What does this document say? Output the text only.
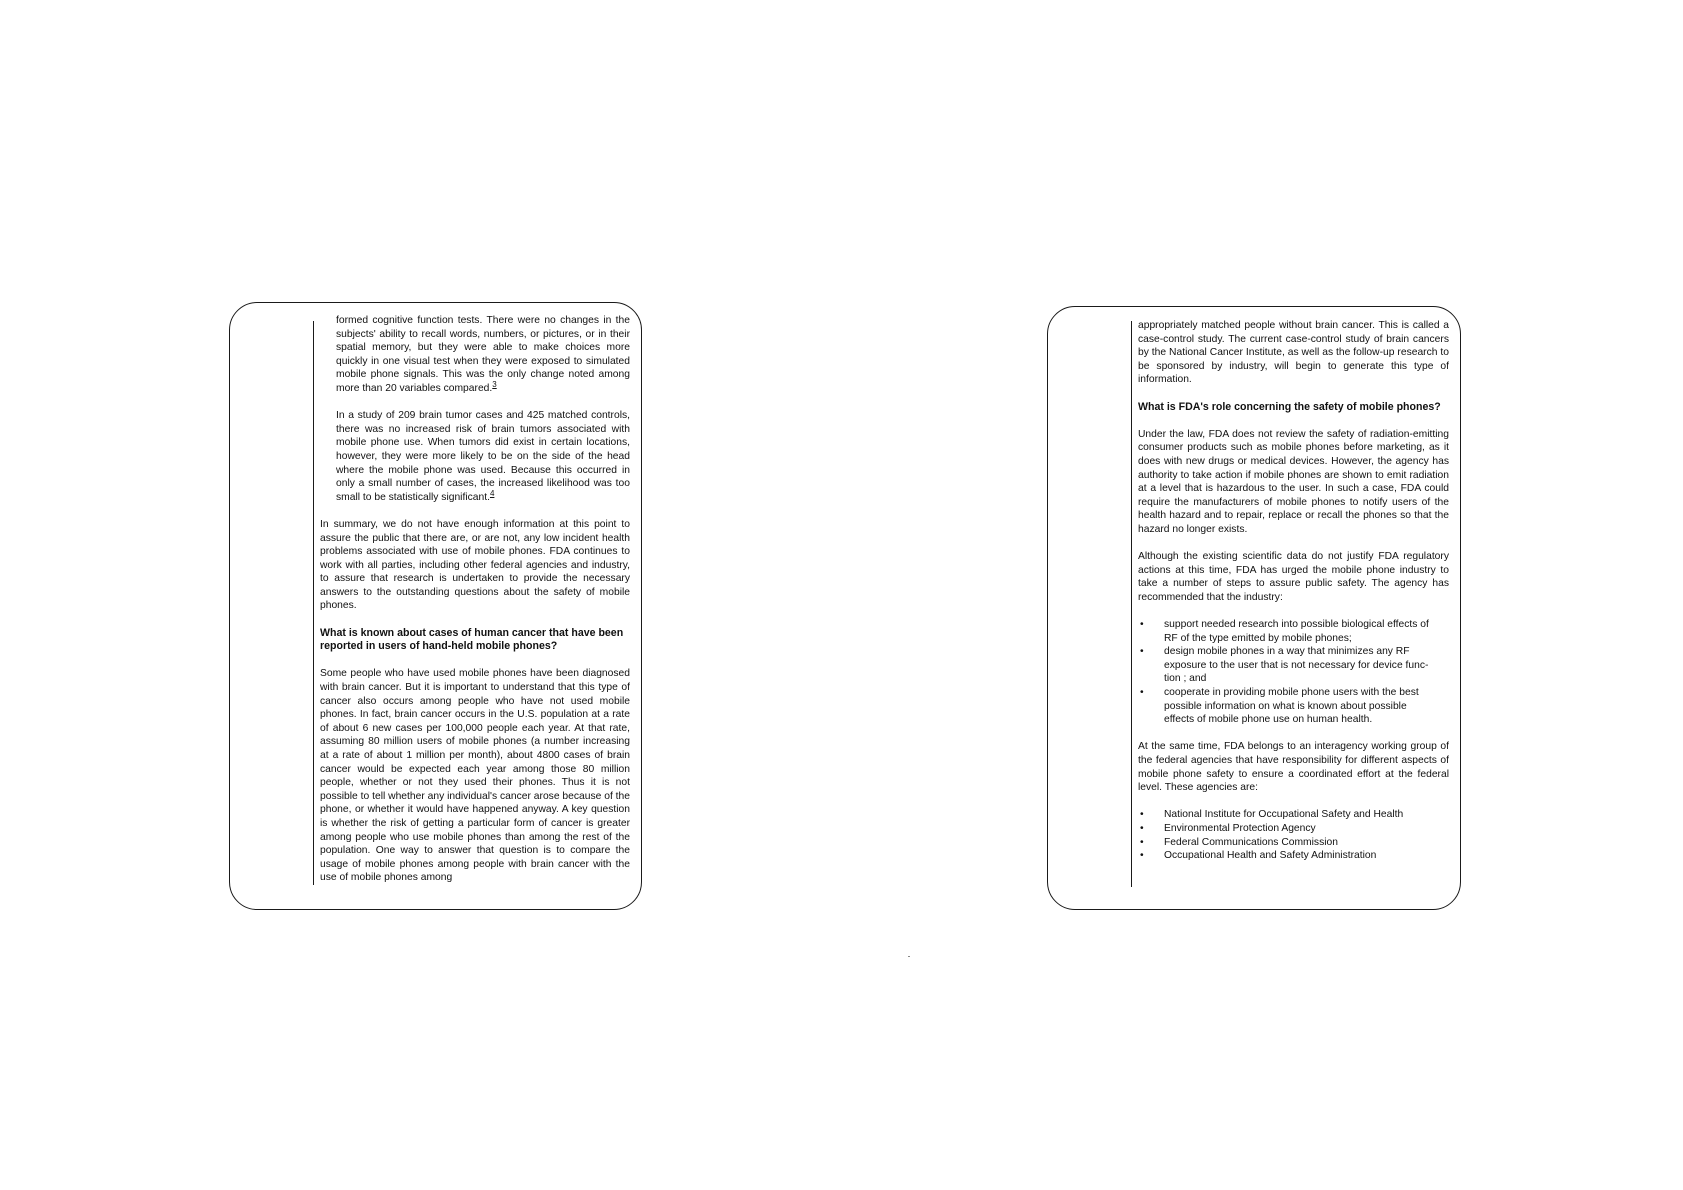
formed cognitive function tests. There were no changes in the subjects' ability to recall words, numbers, or pictures, or in their spatial memory, but they were able to make choices more quickly in one visual test when they were exposed to simulated mobile phone signals. This was the only change noted among more than 20 variables compared.$^3$

In a study of 209 brain tumor cases and 425 matched controls, there was no increased risk of brain tumors associated with mobile phone use. When tumors did exist in certain locations, however, they were more likely to be on the side of the head where the mobile phone was used. Because this occurred in only a small number of cases, the increased likelihood was too small to be statistically significant.$^4$

In summary, we do not have enough information at this point to assure the public that there are, or are not, any low incident health problems associated with use of mobile phones. FDA continues to work with all parties, including other federal agencies and industry, to assure that research is undertaken to provide the necessary answers to the outstanding questions about the safety of mobile phones.

What is known about cases of human cancer that have been reported in users of hand-held mobile phones?

Some people who have used mobile phones have been diagnosed with brain cancer. But it is important to understand that this type of cancer also occurs among people who have not used mobile phones. In fact, brain cancer occurs in the U.S. population at a rate of about 6 new cases per 100,000 people each year. At that rate, assuming 80 million users of mobile phones (a number increasing at a rate of about 1 million per month), about 4800 cases of brain cancer would be expected each year among those 80 million people, whether or not they used their phones. Thus it is not possible to tell whether any individual's cancer arose because of the phone, or whether it would have happened anyway. A key question is whether the risk of getting a particular form of cancer is greater among people who use mobile phones than among the rest of the population. One way to answer that question is to compare the usage of mobile phones among people with brain cancer with the use of mobile phones among

appropriately matched people without brain cancer. This is called a case-control study. The current case-control study of brain cancers by the National Cancer Institute, as well as the follow-up research to be sponsored by industry, will begin to generate this type of information.

What is FDA's role concerning the safety of mobile phones?

Under the law, FDA does not review the safety of radiation-emitting consumer products such as mobile phones before marketing, as it does with new drugs or medical devices. However, the agency has authority to take action if mobile phones are shown to emit radiation at a level that is hazardous to the user. In such a case, FDA could require the manufacturers of mobile phones to notify users of the health hazard and to repair, replace or recall the phones so that the hazard no longer exists.

Although the existing scientific data do not justify FDA regulatory actions at this time, FDA has urged the mobile phone industry to take a number of steps to assure public safety. The agency has recommended that the industry:

• support needed research into possible biological effects of RF of the type emitted by mobile phones;
• design mobile phones in a way that minimizes any RF exposure to the user that is not necessary for device function ; and
• cooperate in providing mobile phone users with the best possible information on what is known about possible effects of mobile phone use on human health.

At the same time, FDA belongs to an interagency working group of the federal agencies that have responsibility for different aspects of mobile phone safety to ensure a coordinated effort at the federal level. These agencies are:

• National Institute for Occupational Safety and Health
• Environmental Protection Agency
• Federal Communications Commission
• Occupational Health and Safety Administration
